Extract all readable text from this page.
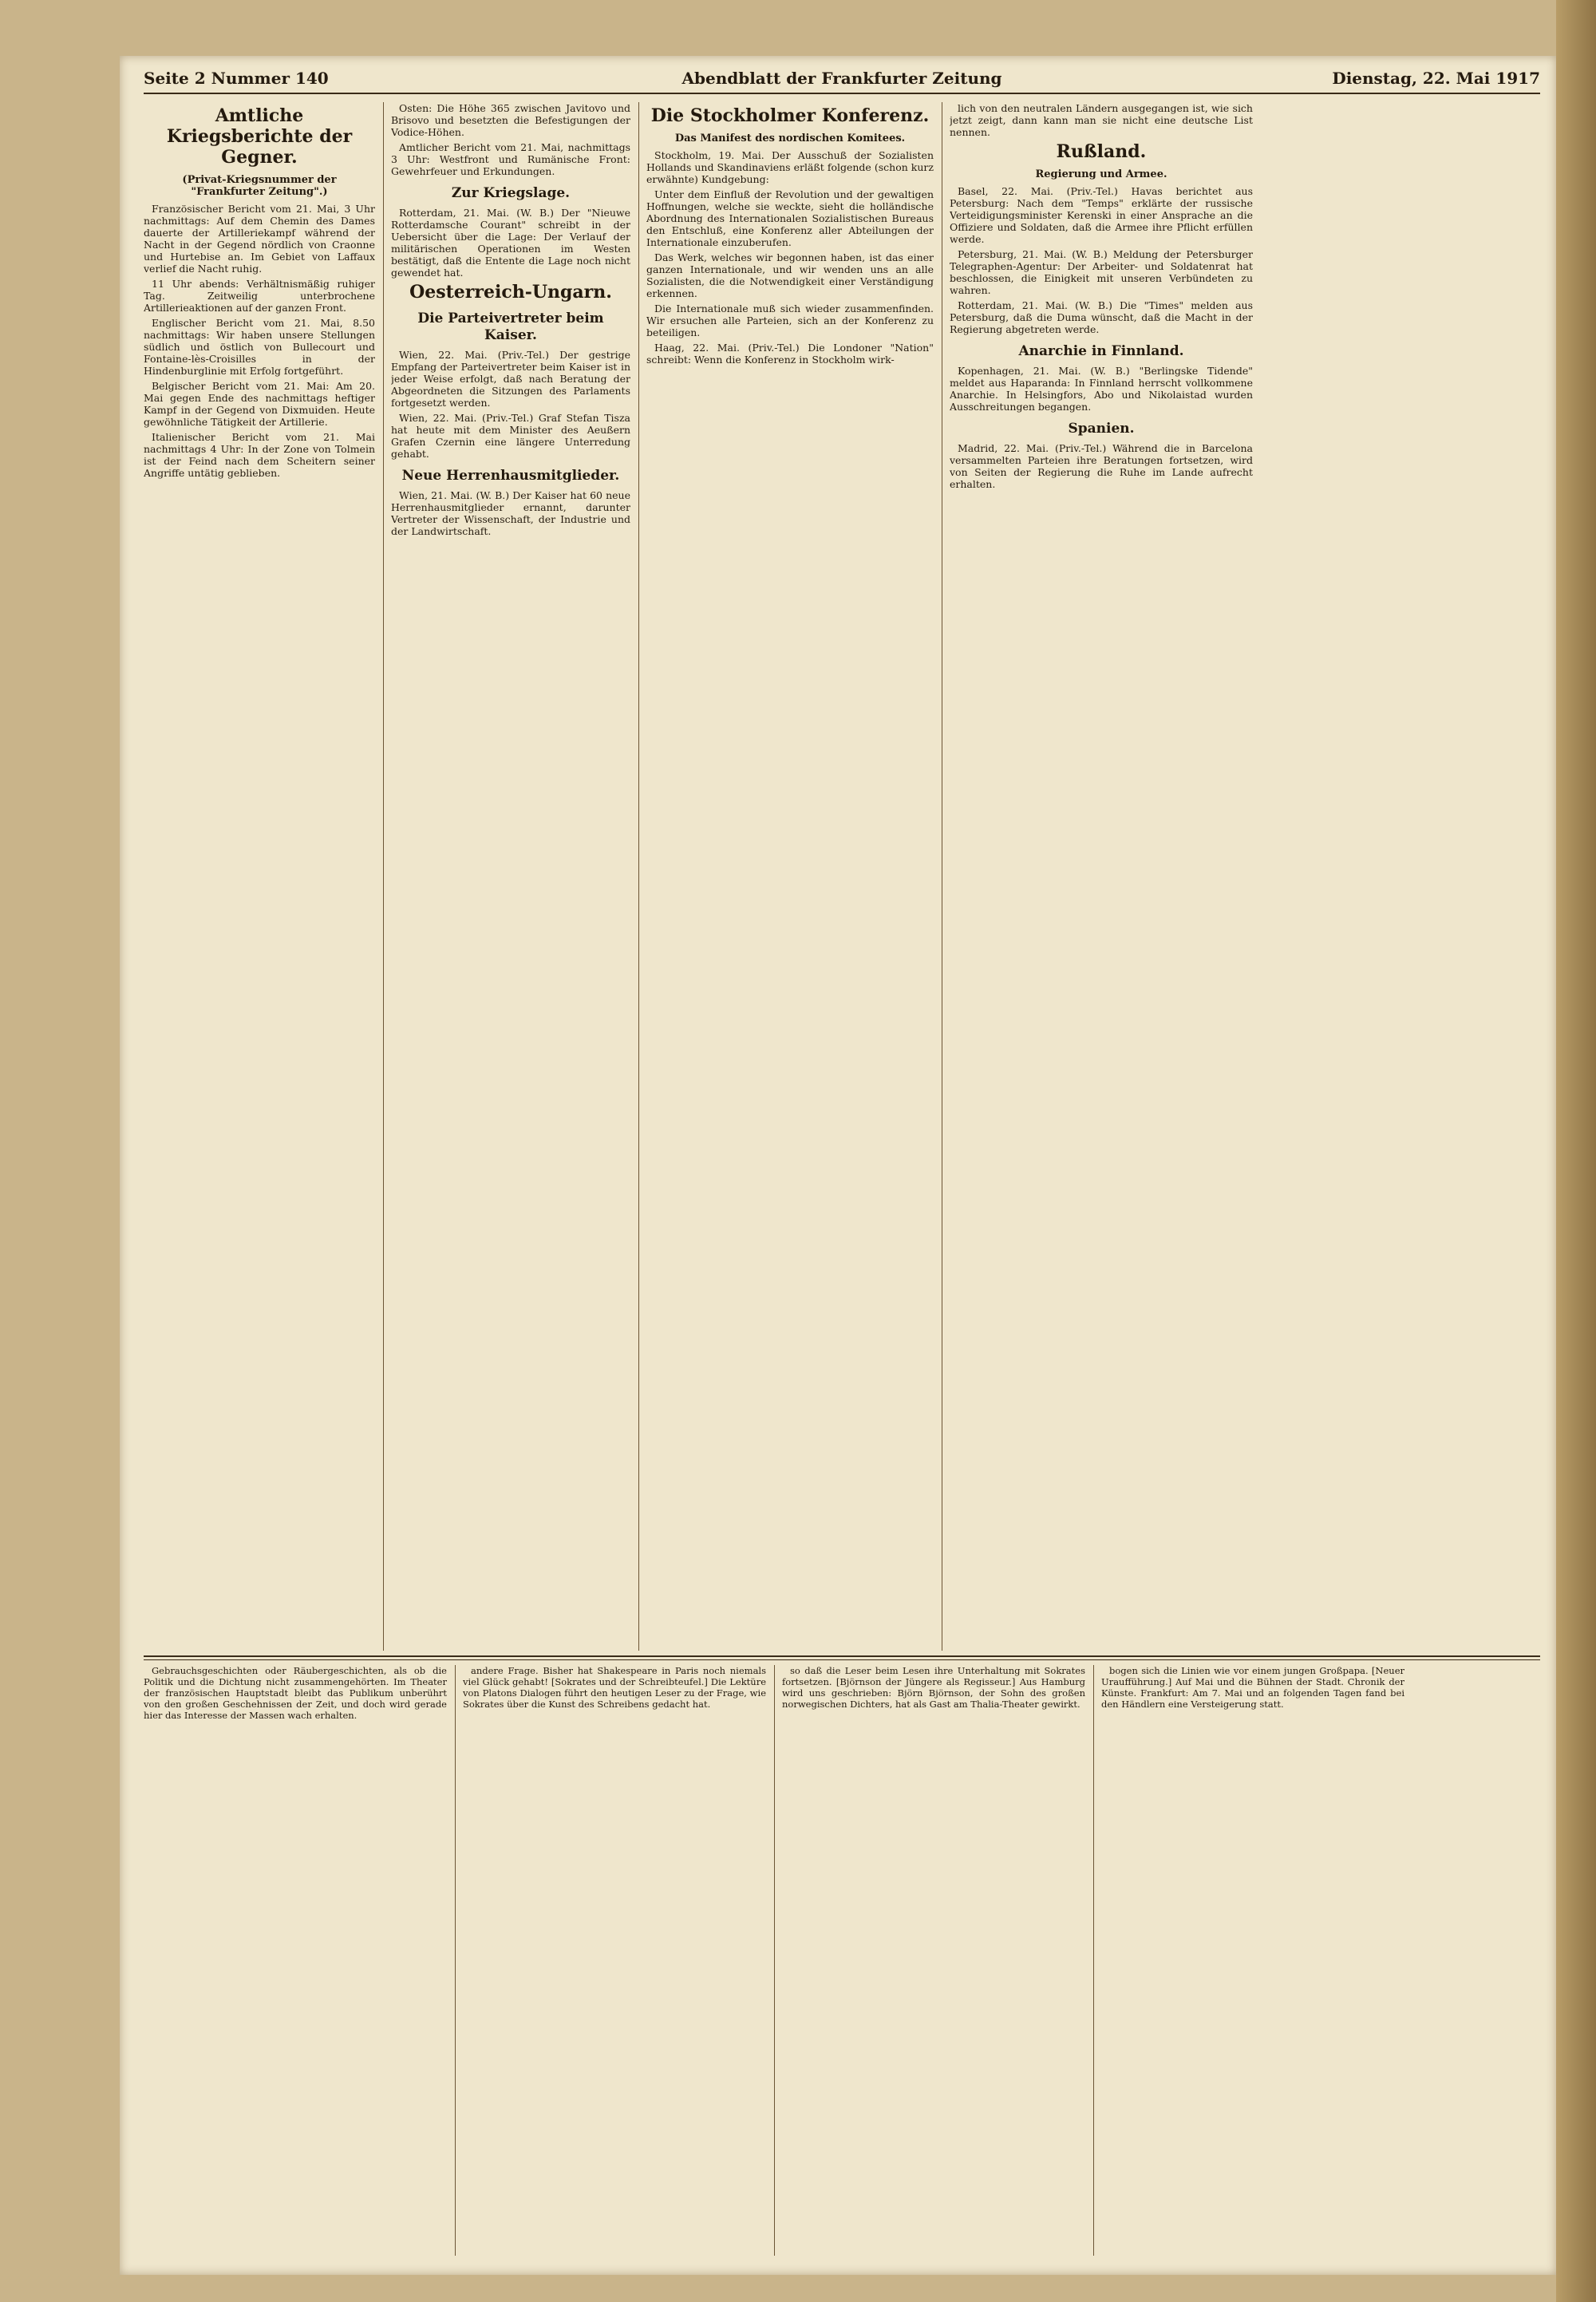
Seite 2 Nummer 140	Abendblatt der Frankfurter Zeitung	Dienstag, 22. Mai 1917
Amtliche Kriegsberichte der Gegner.
(Privat-Kriegsnummer der "Frankfurter Zeitung".)

Französischer Bericht vom 21. Mai, 3 Uhr nachmittags: Auf dem Chemin des Dames dauerte der Artilleriekampf während der Nacht in der Gegend nördlich von Craonne und Hurtebise an. Im Gebiet von Laffaux verlief die Nacht ruhig.

11 Uhr abends: Verhältnismäßig ruhiger Tag. Zeitweilig unterbrochene Artillerieaktionen auf der ganzen Front.

Englischer Bericht vom 21. Mai, 8.50 nachmittags: Wir haben unsere Stellungen südlich und östlich von Bullecourt und Fontaine-lès-Croisilles in der Hindenburglinie mit Erfolg fortgeführt.

Belgischer Bericht vom 21. Mai: Am 20. Mai gegen Ende des nachmittags heftiger Kampf in der Gegend von Dixmuiden. Heute gewöhnliche Tätigkeit der Artillerie.

Italienischer Bericht vom 21. Mai nachmittags 4 Uhr: In der Zone von Tolmein ist der Feind nach dem Scheitern seiner Angriffe untätig geblieben.

Osten: Die Höhe 365 zwischen Javitovo und Brisovo und besetzten die Befestigungen der Vodice-Höhen.

Amtlicher Bericht vom 21. Mai, nachmittags 3 Uhr: Westfront und Rumänische Front: Gewehrfeuer und Erkundungen.

Zur Kriegslage.

Rotterdam, 21. Mai. (W. B.) Der "Nieuwe Rotterdamsche Courant" schreibt in der Uebersicht über die Lage: Der Verlauf der militärischen Operationen im Westen bestätigt, daß die Entente die Lage noch nicht gewendet hat.

Oesterreich-Ungarn.
Die Parteivertreter beim Kaiser.

Wien, 22. Mai. (Priv.-Tel.) Der gestrige Empfang der Parteivertreter beim Kaiser ist in jeder Weise erfolgt, daß nach Beratung der Abgeordneten die Sitzungen des Parlaments fortgesetzt werden.

Wien, 22. Mai. (Priv.-Tel.) Graf Stefan Tisza hat heute mit dem Minister des Aeußern Grafen Czernin eine längere Unterredung gehabt.

Neue Herrenhausmitglieder.

Wien, 21. Mai. (W. B.) Der Kaiser hat 60 neue Herrenhausmitglieder ernannt, darunter Vertreter der Wissenschaft, der Industrie und der Landwirtschaft.

Die Stockholmer Konferenz.
Das Manifest des nordischen Komitees.

Stockholm, 19. Mai. Der Ausschuß der Sozialisten Hollands und Skandinaviens erläßt folgende (schon kurz erwähnte) Kundgebung:

Unter dem Einfluß der Revolution und der gewaltigen Hoffnungen, welche sie weckte, sieht die holländische Abordnung des Internationalen Sozialistischen Bureaus den Entschluß, eine Konferenz aller Abteilungen der Internationale einzuberufen.

Das Werk, welches wir begonnen haben, ist das einer ganzen Internationale, und wir wenden uns an alle Sozialisten, die die Notwendigkeit einer Verständigung erkennen.

Die Internationale muß sich wieder zusammenfinden. Wir ersuchen alle Parteien, sich an der Konferenz zu beteiligen.

Haag, 22. Mai. (Priv.-Tel.) Die Londoner "Nation" schreibt: Wenn die Konferenz in Stockholm wirk-

lich von den neutralen Ländern ausgegangen ist, wie sich jetzt zeigt, dann kann man sie nicht eine deutsche List nennen.

Rußland.
Regierung und Armee.

Basel, 22. Mai. (Priv.-Tel.) Havas berichtet aus Petersburg: Nach dem "Temps" erklärte der russische Verteidigungsminister Kerenski in einer Ansprache an die Offiziere und Soldaten, daß die Armee ihre Pflicht erfüllen werde.

Petersburg, 21. Mai. (W. B.) Meldung der Petersburger Telegraphen-Agentur: Der Arbeiter- und Soldatenrat hat beschlossen, die Einigkeit mit unseren Verbündeten zu wahren.

Rotterdam, 21. Mai. (W. B.) Die "Times" melden aus Petersburg, daß die Duma wünscht, daß die Macht in der Regierung abgetreten werde.

Anarchie in Finnland.

Kopenhagen, 21. Mai. (W. B.) "Berlingske Tidende" meldet aus Haparanda: In Finnland herrscht vollkommene Anarchie. In Helsingfors, Abo und Nikolaistad wurden Ausschreitungen begangen.

Spanien.

Madrid, 22. Mai. (Priv.-Tel.) Während die in Barcelona versammelten Parteien ihre Beratungen fortsetzen, wird von Seiten der Regierung die Ruhe im Lande aufrecht erhalten.

Gebrauchsgeschichten oder Räubergeschichten, als ob die Politik und die Dichtung nicht zusammengehörten. Im Theater der französischen Hauptstadt bleibt das Publikum unberührt von den großen Geschehnissen der Zeit, und doch wird gerade hier das Interesse der Massen wach erhalten.

andere Frage. Bisher hat Shakespeare in Paris noch niemals viel Glück gehabt! [Sokrates und der Schreibteufel.] Die Lektüre von Platons Dialogen führt den heutigen Leser zu der Frage, wie Sokrates über die Kunst des Schreibens gedacht hat.

so daß die Leser beim Lesen ihre Unterhaltung mit Sokrates fortsetzen. [Björnson der Jüngere als Regisseur.] Aus Hamburg wird uns geschrieben: Björn Björnson, der Sohn des großen norwegischen Dichters, hat als Gast am Thalia-Theater gewirkt.

bogen sich die Linien wie vor einem jungen Großpapa. [Neuer Uraufführung.] Auf Mai und die Bühnen der Stadt. Chronik der Künste. Frankfurt: Am 7. Mai und an folgenden Tagen fand bei den Händlern eine Versteigerung statt.
